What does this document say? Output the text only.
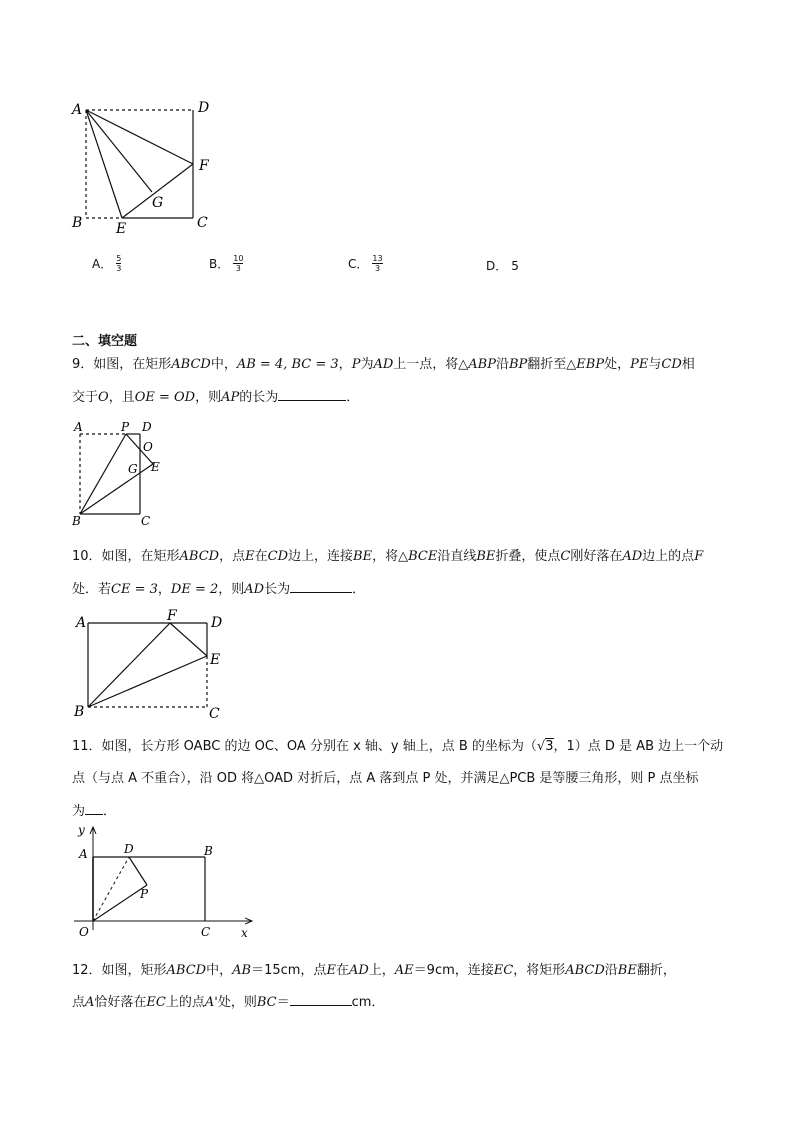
A	D
F
G
B E	C
A． $\frac{5}{3}$	B． $\frac{10}{3}$	C． $\frac{13}{3}$	D． 5
二、填空题
9．如图，在矩形ABCD中，AB = 4, BC = 3，P为AD上一点，将△ABP沿BP翻折至△EBP处，PE与CD相
交于O，且OE = OD，则AP的长为	．
A	P D
O
G E
B	C
10．如图，在矩形ABCD，点E在CD边上，连接BE，将△BCE沿直线BE折叠，使点C刚好落在AD边上的点F
处．若CE = 3，DE = 2，则AD长为	．
A	F D
E
B	C
11．如图，长方形 OABC 的边 OC、OA 分别在 x 轴、y 轴上，点 B 的坐标为（√3，1）点 D 是 AB 边上一个动
点（与点 A 不重合），沿 OD 将△OAD 对折后，点 A 落到点 P 处，并满足△PCB 是等腰三角形，则 P 点坐标
为 ．
y
A	D	B
P
O	C	x
12．如图，矩形ABCD中，AB＝15cm，点E在AD上，AE＝9cm，连接EC，将矩形ABCD沿BE翻折，
点A恰好落在EC上的点A'处，则BC＝	cm．
